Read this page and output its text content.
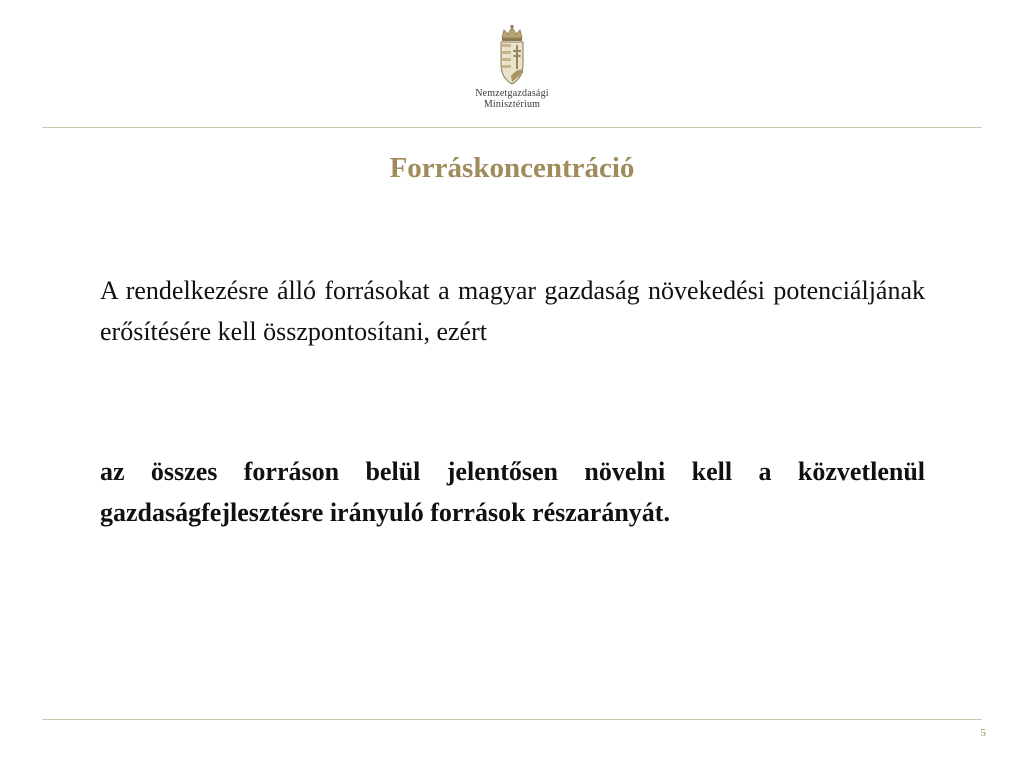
Nemzetgazdasági
Minisztérium
Forráskoncentráció

A rendelkezésre álló forrásokat a magyar gazdaság növekedési potenciáljának erősítésére kell összpontosítani, ezért

az összes forráson belül jelentősen növelni kell a közvetlenül gazdaságfejlesztésre irányuló források részarányát.

5
